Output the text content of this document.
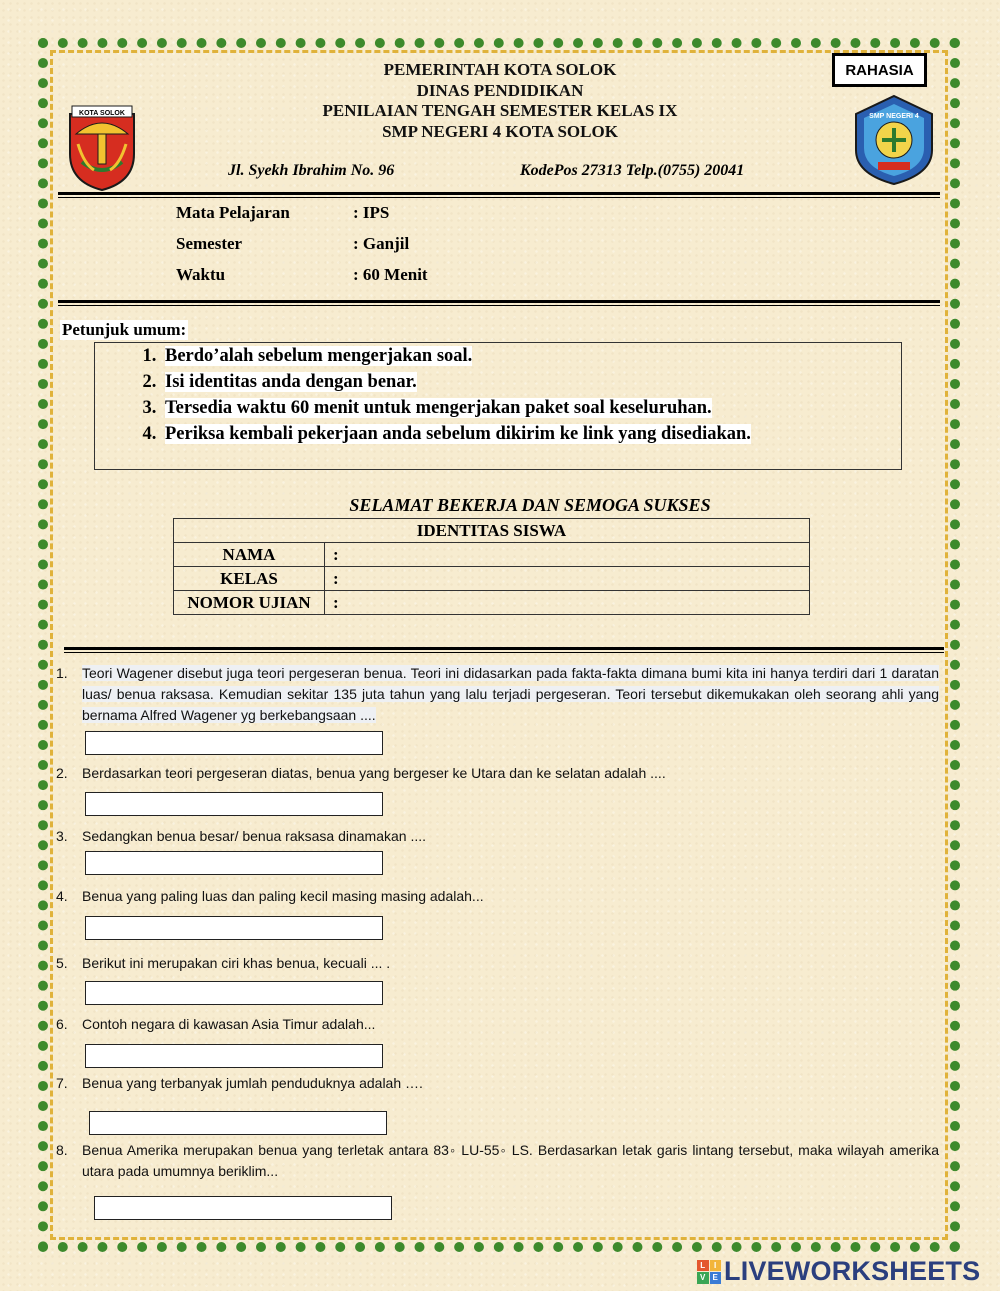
KOTA SOLOK	SMP NEGERI 4
PEMERINTAH KOTA SOLOK
DINAS PENDIDIKAN
PENILAIAN TENGAH SEMESTER KELAS IX
SMP NEGERI 4 KOTA SOLOK
RAHASIA
Jl. Syekh Ibrahim No. 96	KodePos 27313 Telp.(0755) 20041
Mata Pelajaran	: IPS
Semester	: Ganjil
Waktu	: 60 Menit
Petunjuk umum:
1. Berdo’alah sebelum mengerjakan soal.
2. Isi identitas anda dengan benar.
3. Tersedia waktu 60 menit untuk mengerjakan paket soal keseluruhan.
4. Periksa kembali pekerjaan anda sebelum dikirim ke link yang disediakan.
SELAMAT BEKERJA DAN SEMOGA SUKSES
IDENTITAS SISWA	
NAMA	:
KELAS	:
NOMOR UJIAN	:
1.	Teori Wagener disebut juga teori pergeseran benua. Teori ini didasarkan pada fakta-fakta dimana bumi kita ini hanya terdiri dari 1 daratan luas/ benua raksasa. Kemudian sekitar 135 juta tahun yang lalu terjadi pergeseran. Teori tersebut dikemukakan oleh seorang ahli yang bernama Alfred Wagener yg berkebangsaan ....
2.	Berdasarkan teori pergeseran diatas, benua yang bergeser ke Utara dan ke selatan adalah ....
3.	Sedangkan benua besar/ benua raksasa dinamakan ....
4.	Benua yang paling luas dan paling kecil masing masing adalah...
5.	Berikut ini merupakan ciri khas benua, kecuali ... .
6.	Contoh negara di kawasan Asia Timur adalah...
7.	Benua yang terbanyak jumlah penduduknya adalah ….
8.	Benua Amerika merupakan benua yang terletak antara 83◦ LU-55◦ LS. Berdasarkan letak garis lintang tersebut, maka wilayah amerika utara pada umumnya beriklim...
L	I
V E LIVEWORKSHEETS
